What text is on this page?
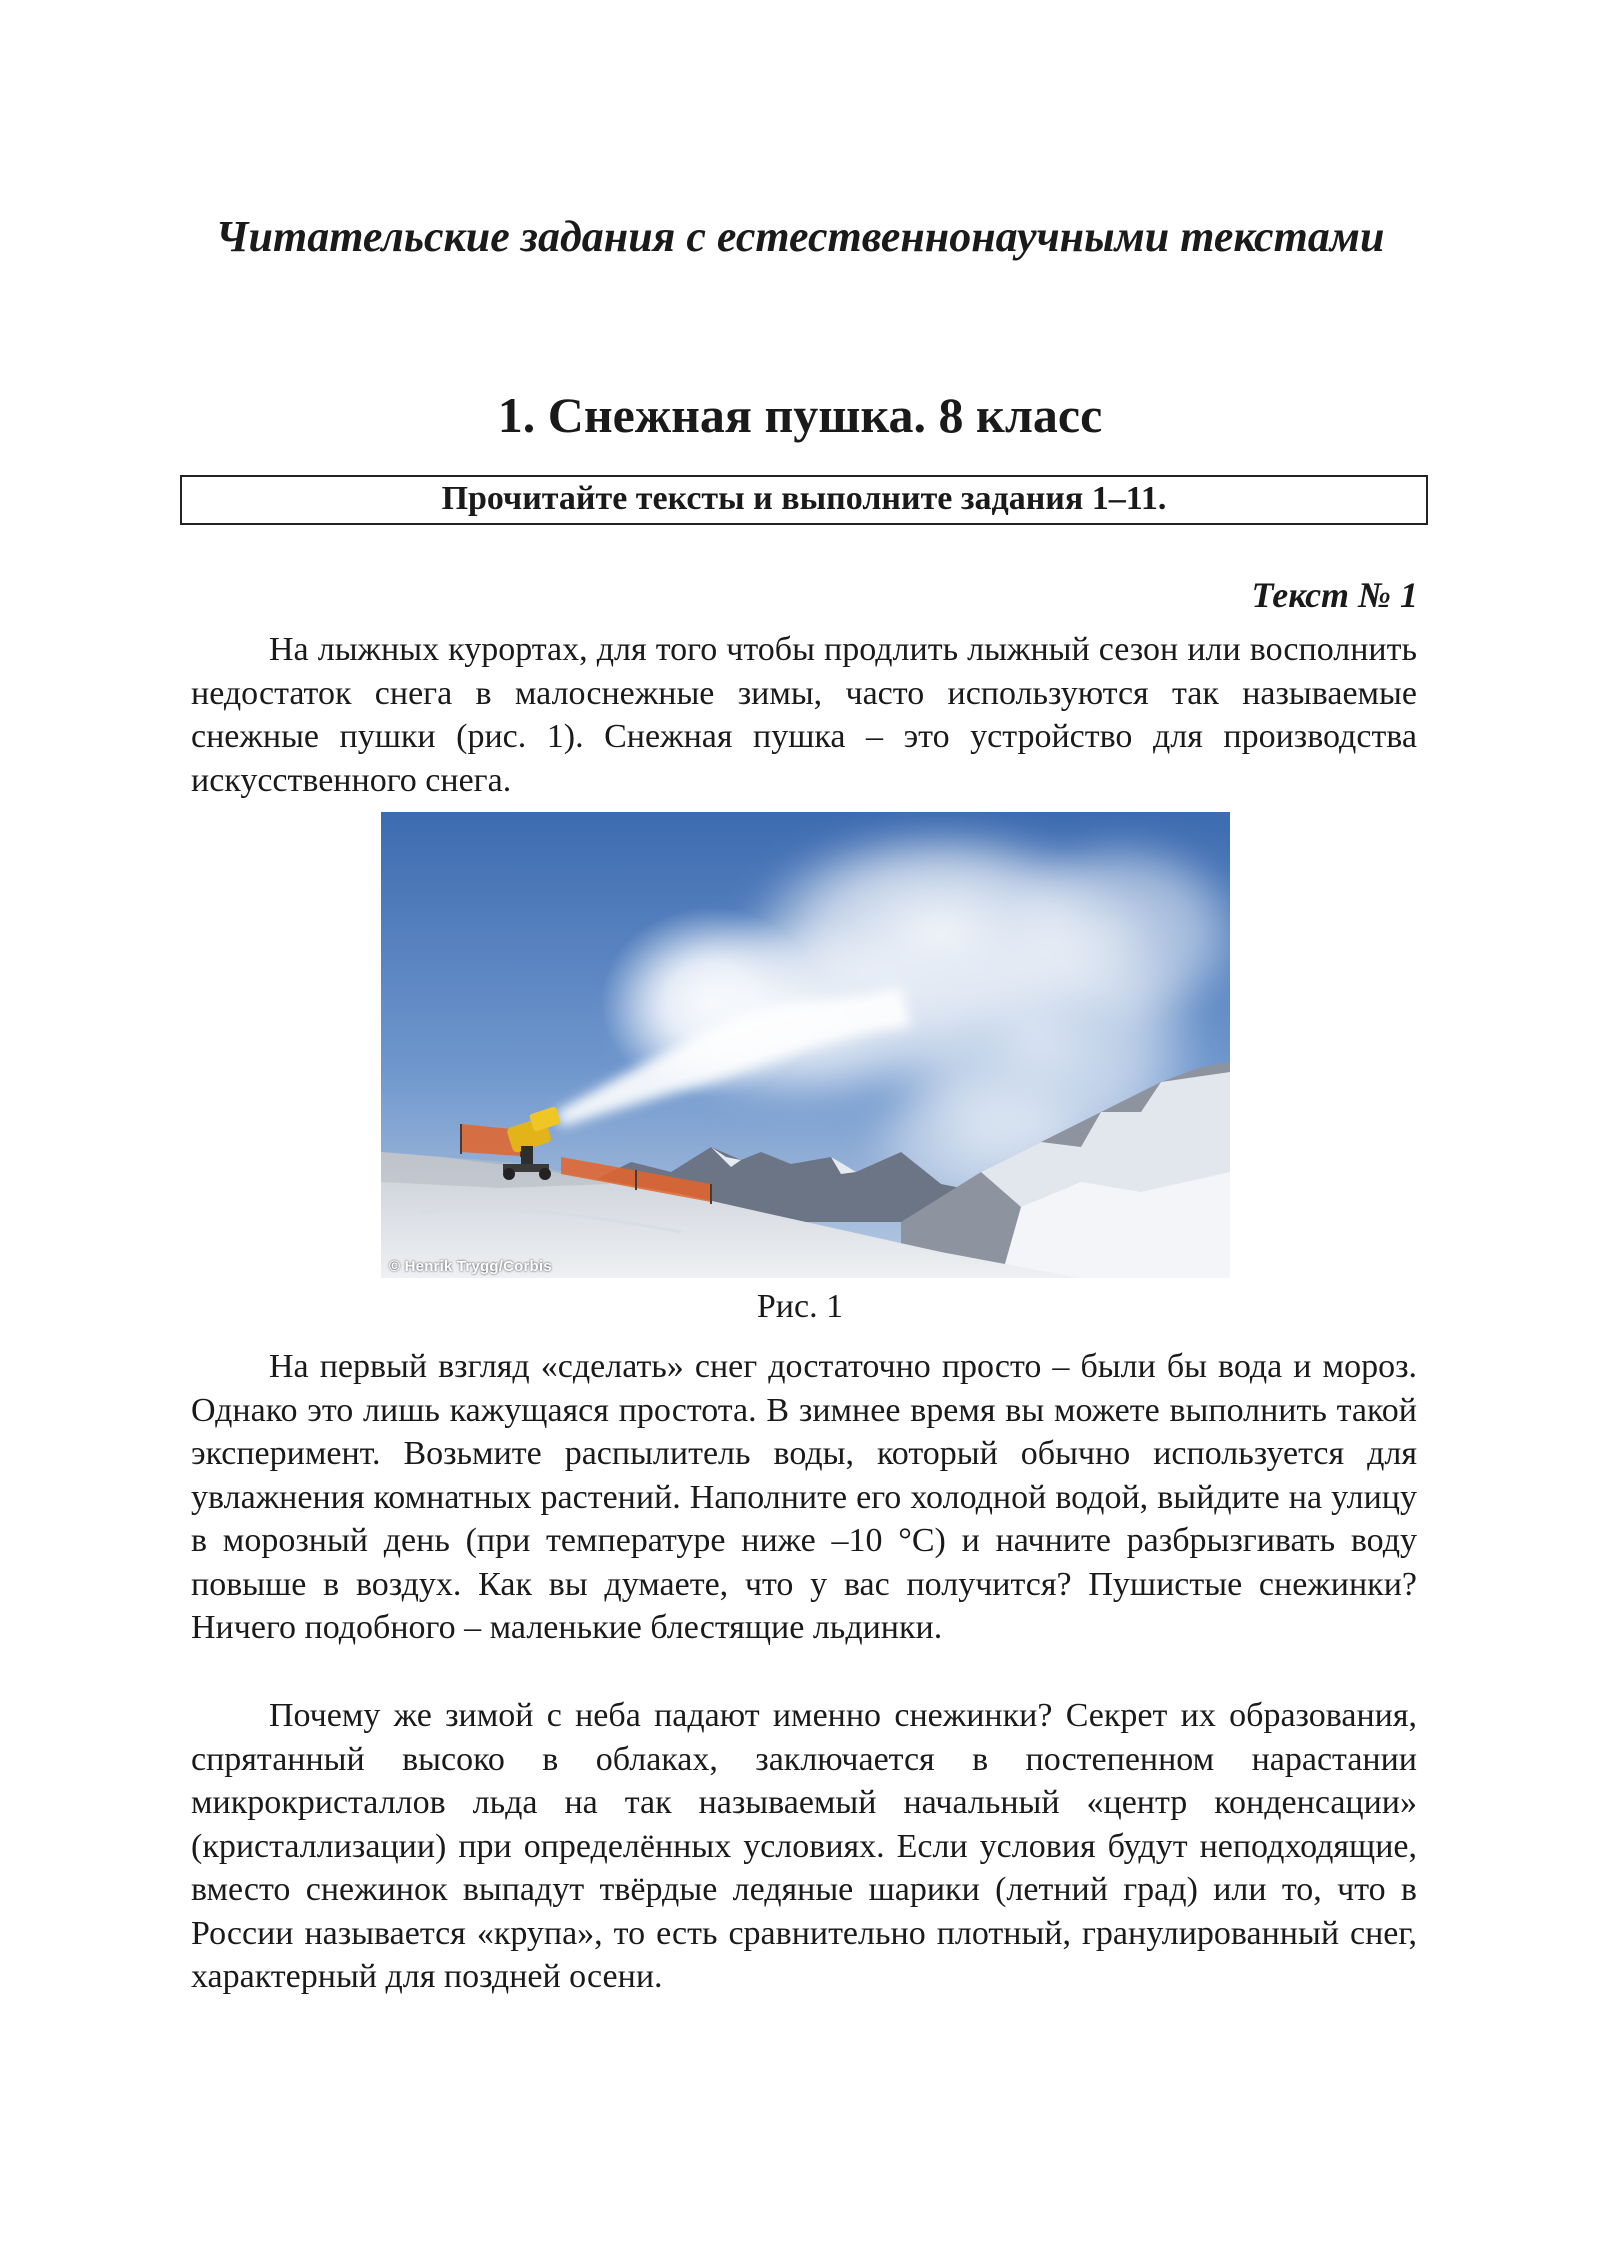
Читательские задания с естественнонаучными текстами
1. Снежная пушка. 8 класс
Прочитайте тексты и выполните задания 1–11.
Текст № 1

На лыжных курортах, для того чтобы продлить лыжный сезон или восполнить недостаток снега в малоснежные зимы, часто используются так называемые снежные пушки (рис. 1). Снежная пушка – это устройство для производства искусственного снега.

© Henrik Trygg/Corbis
Рис. 1

На первый взгляд «сделать» снег достаточно просто – были бы вода и мороз. Однако это лишь кажущаяся простота. В зимнее время вы можете выполнить такой эксперимент. Возьмите распылитель воды, который обычно используется для увлажнения комнатных растений. Наполните его холодной водой, выйдите на улицу в морозный день (при температуре ниже –10 °С) и начните разбрызгивать воду повыше в воздух. Как вы думаете, что у вас получится? Пушистые снежинки? Ничего подобного – маленькие блестящие льдинки.

Почему же зимой с неба падают именно снежинки? Секрет их образования, спрятанный высоко в облаках, заключается в постепенном нарастании микрокристаллов льда на так называемый начальный «центр конденсации» (кристаллизации) при определённых условиях. Если условия будут неподходящие, вместо снежинок выпадут твёрдые ледяные шарики (летний град) или то, что в России называется «крупа», то есть сравнительно плотный, гранулированный снег, характерный для поздней осени.
